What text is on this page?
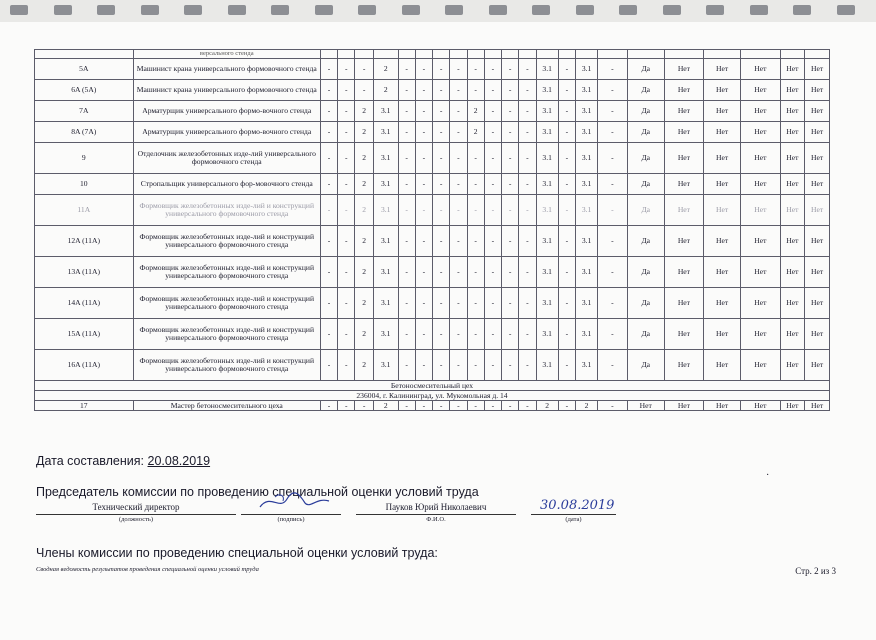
	версального стенда																						
5A	Машинист крана универсального формовочного стенда	-	-	-	2	-	-	-	-	-	-	-	-	3.1	-	3.1	-	Да	Нет	Нет	Нет	Нет	Нет
6A (5A)	Машинист крана универсального формовочного стенда	-	-	-	2	-	-	-	-	-	-	-	-	3.1	-	3.1	-	Да	Нет	Нет	Нет	Нет	Нет
7A	Арматурщик универсального формо-вочного стенда	-	-	2	3.1	-	-	-	-	2	-	-	-	3.1	-	3.1	-	Да	Нет	Нет	Нет	Нет	Нет
8A (7A)	Арматурщик универсального формо-вочного стенда	-	-	2	3.1	-	-	-	-	2	-	-	-	3.1	-	3.1	-	Да	Нет	Нет	Нет	Нет	Нет
9	Отделочник железобетонных изде-лий универсального формовочного стенда	-	-	2	3.1	-	-	-	-	-	-	-	-	3.1	-	3.1	-	Да	Нет	Нет	Нет	Нет	Нет
10	Стропальщик универсального фор-мовочного стенда	-	-	2	3.1	-	-	-	-	-	-	-	-	3.1	-	3.1	-	Да	Нет	Нет	Нет	Нет	Нет
11A	Формовщик железобетонных изде-лий и конструкций универсального формовочного стенда	-	-	2	3.1	-	-	-	-	-	-	-	-	3.1	-	3.1	-	Да	Нет	Нет	Нет	Нет	Нет
12A (11A)	Формовщик железобетонных изде-лий и конструкций универсального формовочного стенда	-	-	2	3.1	-	-	-	-	-	-	-	-	3.1	-	3.1	-	Да	Нет	Нет	Нет	Нет	Нет
13A (11A)	Формовщик железобетонных изде-лий и конструкций универсального формовочного стенда	-	-	2	3.1	-	-	-	-	-	-	-	-	3.1	-	3.1	-	Да	Нет	Нет	Нет	Нет	Нет
14A (11A)	Формовщик железобетонных изде-лий и конструкций универсального формовочного стенда	-	-	2	3.1	-	-	-	-	-	-	-	-	3.1	-	3.1	-	Да	Нет	Нет	Нет	Нет	Нет
15A (11A)	Формовщик железобетонных изде-лий и конструкций универсального формовочного стенда	-	-	2	3.1	-	-	-	-	-	-	-	-	3.1	-	3.1	-	Да	Нет	Нет	Нет	Нет	Нет
16A (11A)	Формовщик железобетонных изде-лий и конструкций универсального формовочного стенда	-	-	2	3.1	-	-	-	-	-	-	-	-	3.1	-	3.1	-	Да	Нет	Нет	Нет	Нет	Нет
Бетоносмесительный цех																							
236004, г. Калининград, ул. Мукомольная д. 14																							
17	Мастер бетоносмесительного цеха	-	-	-	2	-	-	-	-	-	-	-	-	2	-	2	-	Нет	Нет	Нет	Нет	Нет	Нет
Дата составления: 20.08.2019
·
Председатель комиссии по проведению специальной оценки условий труда
Технический директор
(должность)	(подпись)
Пауков Юрий Николаевич
Ф.И.О.	(дата)
30.08.2019
Члены комиссии по проведению специальной оценки условий труда:
Сводная ведомость результатов проведения специальной оценки условий труда	Стр. 2 из 3
